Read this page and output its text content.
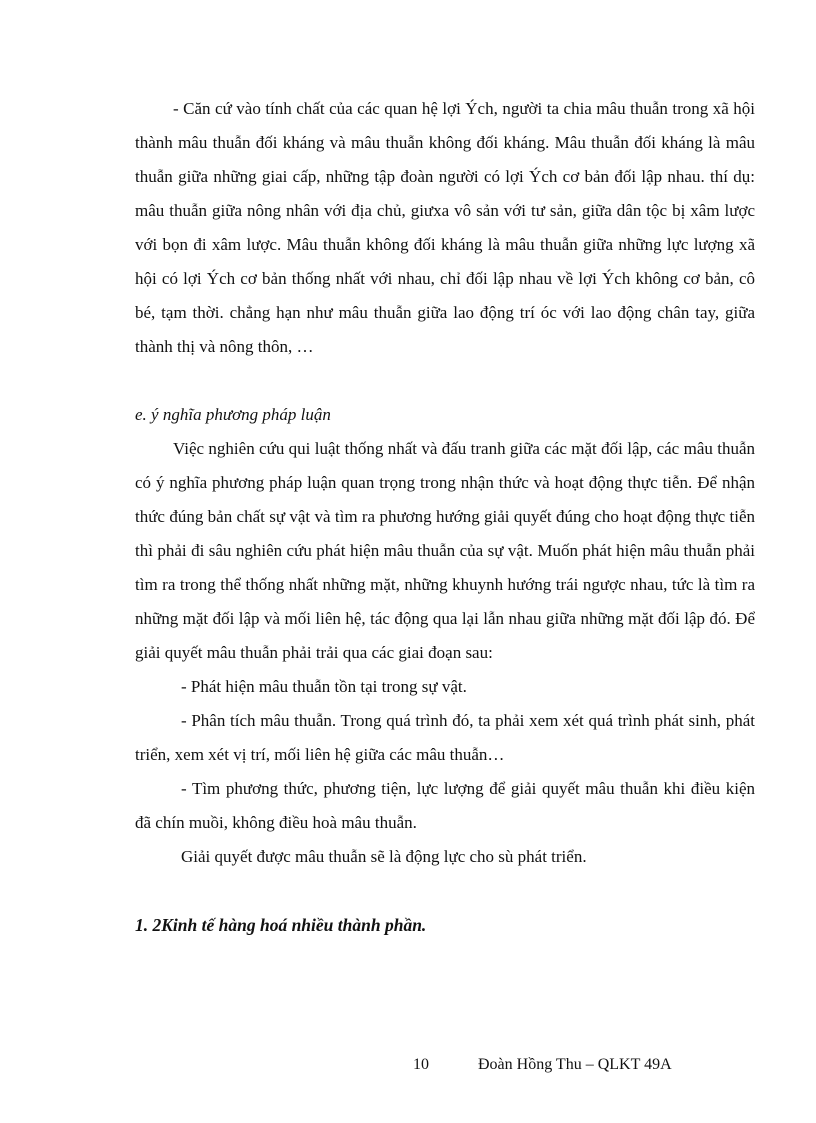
- Căn cứ vào tính chất của các quan hệ lợi Ých, người ta chia mâu thuẫn trong xã hội thành mâu thuẫn đối kháng và mâu thuẫn không đối kháng. Mâu thuẫn đối kháng là mâu thuẫn giữa những giai cấp, những tập đoàn người có lợi Ých cơ bản đối lập nhau. thí dụ: mâu thuẫn giữa nông nhân với địa chủ, giưxa vô sản với tư sản, giữa dân tộc bị xâm lược với bọn đi xâm lược. Mâu thuẫn không đối kháng là mâu thuẫn giữa những lực lượng xã hội có lợi Ých cơ bản thống nhất với nhau, chỉ đối lập nhau về lợi Ých không cơ bản, cô bé, tạm thời. chẳng hạn như mâu thuẫn giữa lao động trí óc với lao động chân tay, giữa thành thị và nông thôn, …

e. ý nghĩa phương pháp luận

Việc nghiên cứu qui luật thống nhất và đấu tranh giữa các mặt đối lập, các mâu thuẫn có ý nghĩa phương pháp luận quan trọng trong nhận thức và hoạt động thực tiễn. Để nhận thức đúng bản chất sự vật và tìm ra phương hướng giải quyết đúng cho hoạt động thực tiễn thì phải đi sâu nghiên cứu phát hiện mâu thuẫn của sự vật. Muốn phát hiện mâu thuẫn phải tìm ra trong thể thống nhất những mặt, những khuynh hướng trái ngược nhau, tức là tìm ra những mặt đối lập và mối liên hệ, tác động qua lại lẫn nhau giữa những mặt đối lập đó. Để giải quyết mâu thuẫn phải trải qua các giai đoạn sau:

- Phát hiện mâu thuẫn tồn tại trong sự vật.

- Phân tích mâu thuẫn. Trong quá trình đó, ta phải xem xét quá trình phát sinh, phát triển, xem xét vị trí, mối liên hệ giữa các mâu thuẫn…

- Tìm phương thức, phương tiện, lực lượng để giải quyết mâu thuẫn khi điều kiện đã chín muồi, không điều hoà mâu thuẫn.

Giải quyết được mâu thuẫn sẽ là động lực cho sù phát triển.

1. 2Kinh tế hàng hoá nhiều thành phần.

10	Đoàn Hồng Thu – QLKT 49A
